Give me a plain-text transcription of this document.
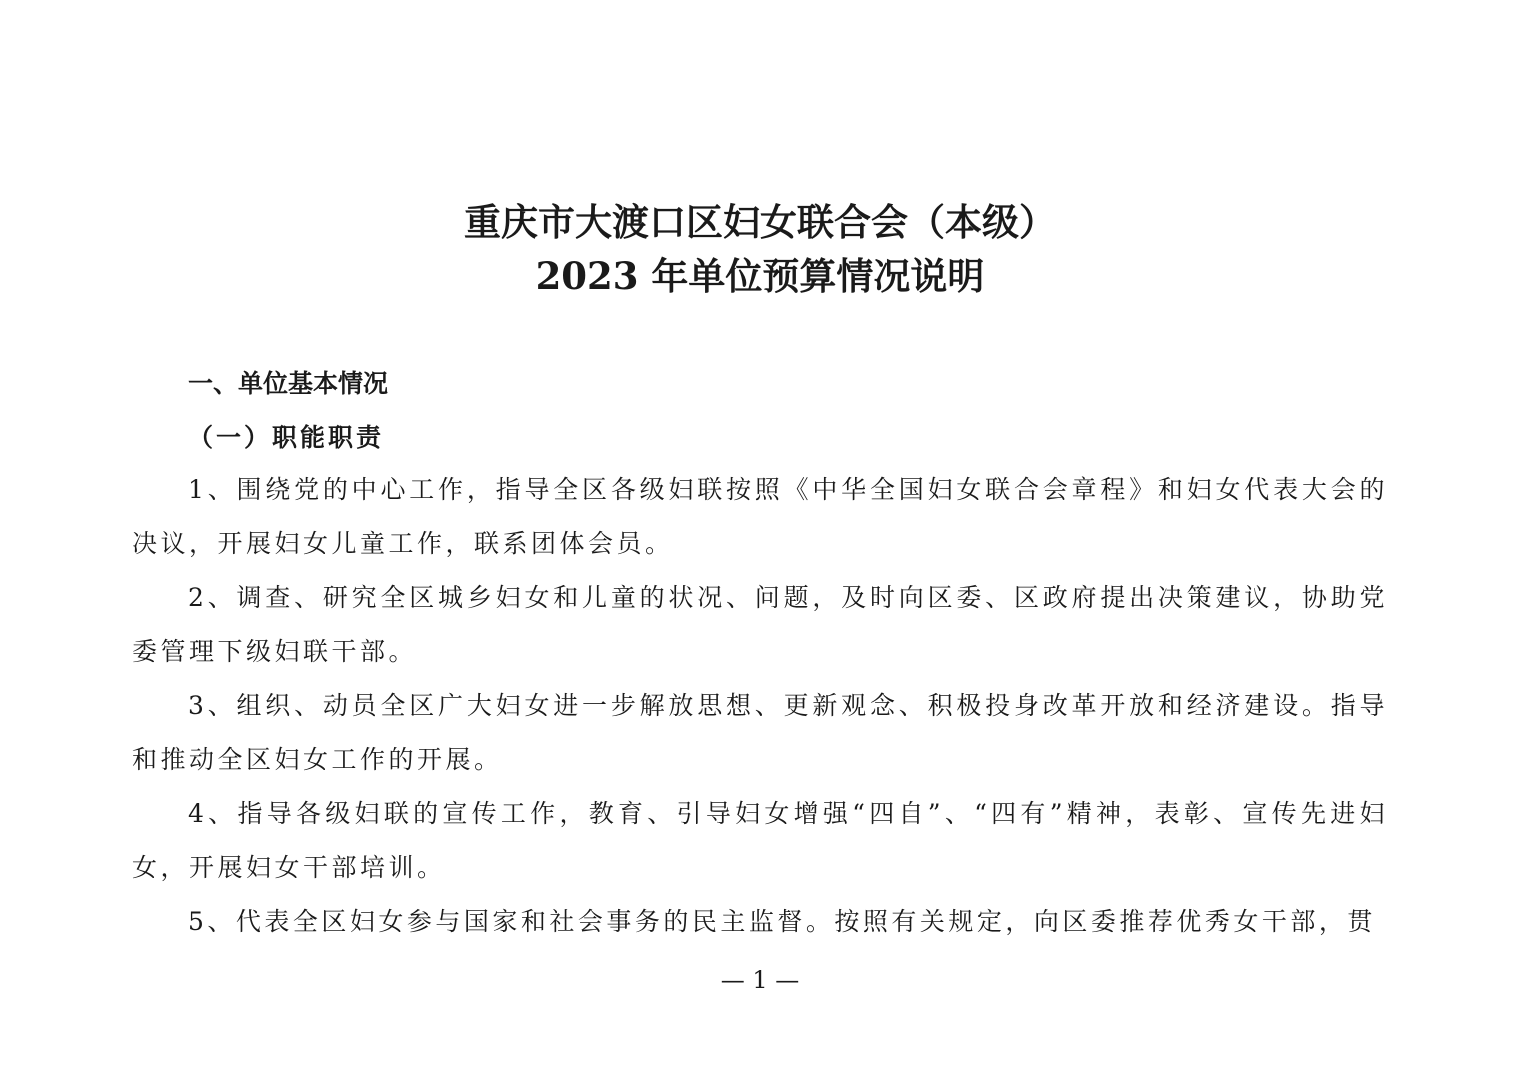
重庆市大渡口区妇女联合会（本级）
2023 年单位预算情况说明
一、单位基本情况
（一）职能职责

1、围绕党的中心工作，指导全区各级妇联按照《中华全国妇女联合会章程》和妇女代表大会的决议，开展妇女儿童工作，联系团体会员。

2、调查、研究全区城乡妇女和儿童的状况、问题，及时向区委、区政府提出决策建议，协助党委管理下级妇联干部。

3、组织、动员全区广大妇女进一步解放思想、更新观念、积极投身改革开放和经济建设。指导和推动全区妇女工作的开展。

4、指导各级妇联的宣传工作，教育、引导妇女增强“四自”、“四有”精神，表彰、宣传先进妇女，开展妇女干部培训。

5、代表全区妇女参与国家和社会事务的民主监督。按照有关规定，向区委推荐优秀女干部，贯

— 1 —
